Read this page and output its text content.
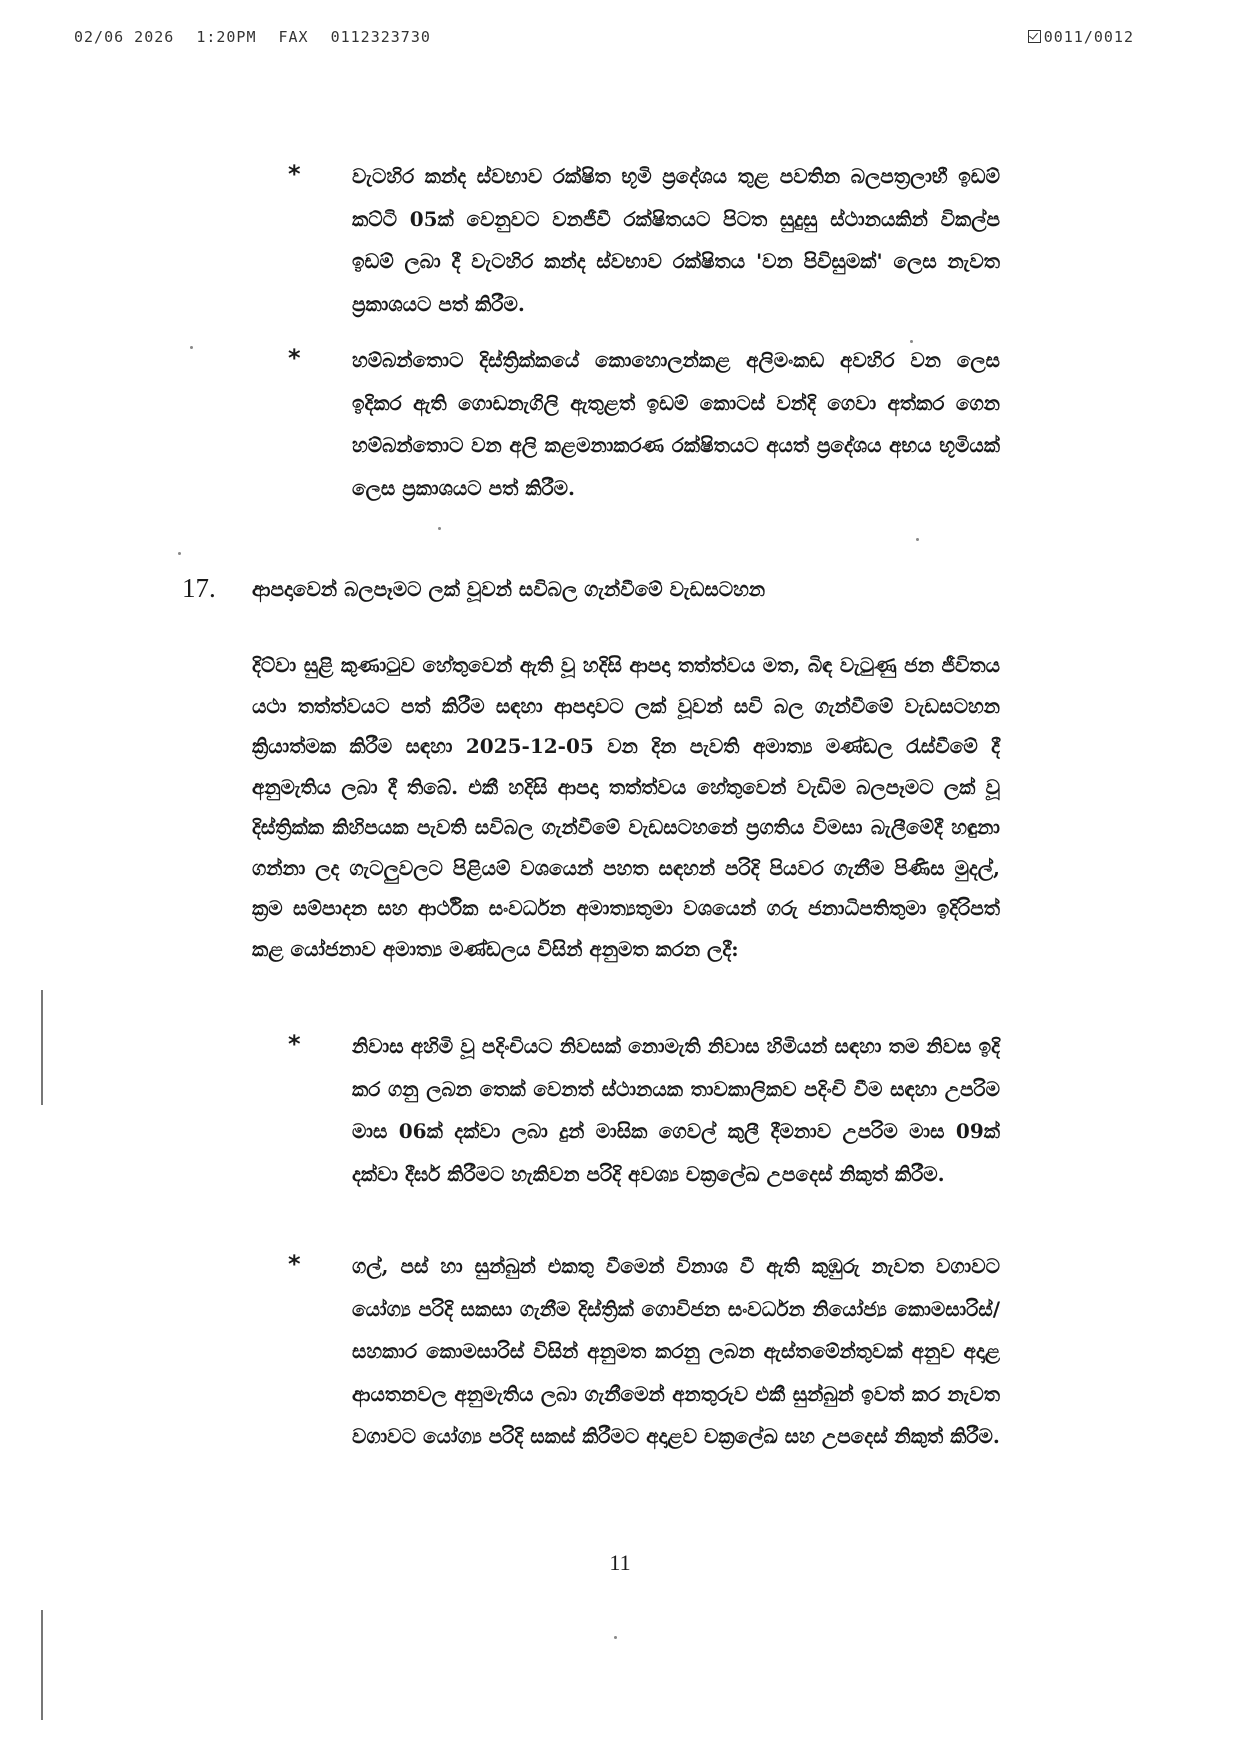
02/06 2026 1:20PM FAX 0112323730	0011/0012
*	වැටහිර කන්ද ස්වභාව රක්ෂිත භූමි ප්‍රදේශය තුළ පවතින බලපත්‍රලාභී ඉඩම් කට්ටි 05ක් වෙනුවට වනජීවී රක්ෂිතයට පිටත සුදුසු ස්ථානයකින් විකල්ප ඉඩම් ලබා දී වැටහිර කන්ද ස්වභාව රක්ෂිතය 'වන පිවිසුමක්' ලෙස නැවත ප්‍රකාශයට පත් කිරීම.
*	හම්බන්තොට දිස්ත්‍රික්කයේ කොහොලන්කළ අලිමංකඩ අවහිර වන ලෙස ඉදිකර ඇති ගොඩනැගිලි ඇතුළත් ඉඩම් කොටස් වන්දි ගෙවා අත්කර ගෙන හම්බන්තොට වන අලි කළමනාකරණ රක්ෂිතයට අයත් ප්‍රදේශය අභය භූමියක් ලෙස ප්‍රකාශයට පත් කිරීම.
17. ආපදාවෙන් බලපෑමට ලක් වූවන් සවිබල ගැන්වීමේ වැඩසටහන
දිට්වා සුළි කුණාටුව හේතුවෙන් ඇති වූ හදිසි ආපදා තත්ත්වය මත, බිඳ වැටුණු ජන ජීවිතය යථා තත්ත්වයට පත් කිරීම සඳහා ආපදාවට ලක් වූවන් සවි බල ගැන්වීමේ වැඩසටහන ක්‍රියාත්මක කිරීම සඳහා 2025-12-05 වන දින පැවති අමාත්‍ය මණ්ඩල රැස්වීමේ දී අනුමැතිය ලබා දී තිබේ. එකී හදිසි ආපදා තත්ත්වය හේතුවෙන් වැඩිම බලපෑමට ලක් වූ දිස්ත්‍රික්ක කිහිපයක පැවති සවිබල ගැන්වීමේ වැඩසටහනේ ප්‍රගතිය විමසා බැලීමේදී හඳුනා ගන්නා ලද ගැටලුවලට පිළියම් වශයෙන් පහත සඳහන් පරිදි පියවර ගැනීම පිණිස මුදල්, ක්‍රම සම්පාදන සහ ආර්ථික සංවර්ධන අමාත්‍යතුමා වශයෙන් ගරු ජනාධිපතිතුමා ඉදිරිපත් කළ යෝජනාව අමාත්‍ය මණ්ඩලය විසින් අනුමත කරන ලදී:
*	නිවාස අහිමි වූ පදිංචියට නිවසක් නොමැති නිවාස හිමියන් සඳහා තම නිවස ඉදි කර ගනු ලබන තෙක් වෙනත් ස්ථානයක තාවකාලිකව පදිංචි වීම සඳහා උපරිම මාස 06ක් දක්වා ලබා දුන් මාසික ගෙවල් කුලී දීමනාව උපරිම මාස 09ක් දක්වා දීර්ඝ කිරීමට හැකිවන පරිදි අවශ්‍ය චක්‍රලේඛ උපදෙස් නිකුත් කිරීම.
*	ගල්, පස් හා සුන්බුන් එකතු වීමෙන් විනාශ වී ඇති කුඹුරු නැවත වගාවට යෝග්‍ය පරිදි සකසා ගැනීම දිස්ත්‍රික් ගොවිජන සංවර්ධන නියෝජ්‍ය කොමසාරිස්/සහකාර කොමසාරිස් විසින් අනුමත කරනු ලබන ඇස්තමේන්තුවක් අනුව අදාළ ආයතනවල අනුමැතිය ලබා ගැනීමෙන් අනතුරුව එකී සුන්බුන් ඉවත් කර නැවත වගාවට යෝග්‍ය පරිදි සකස් කිරීමට අදාළව චක්‍රලේඛ සහ උපදෙස් නිකුත් කිරීම.
11
